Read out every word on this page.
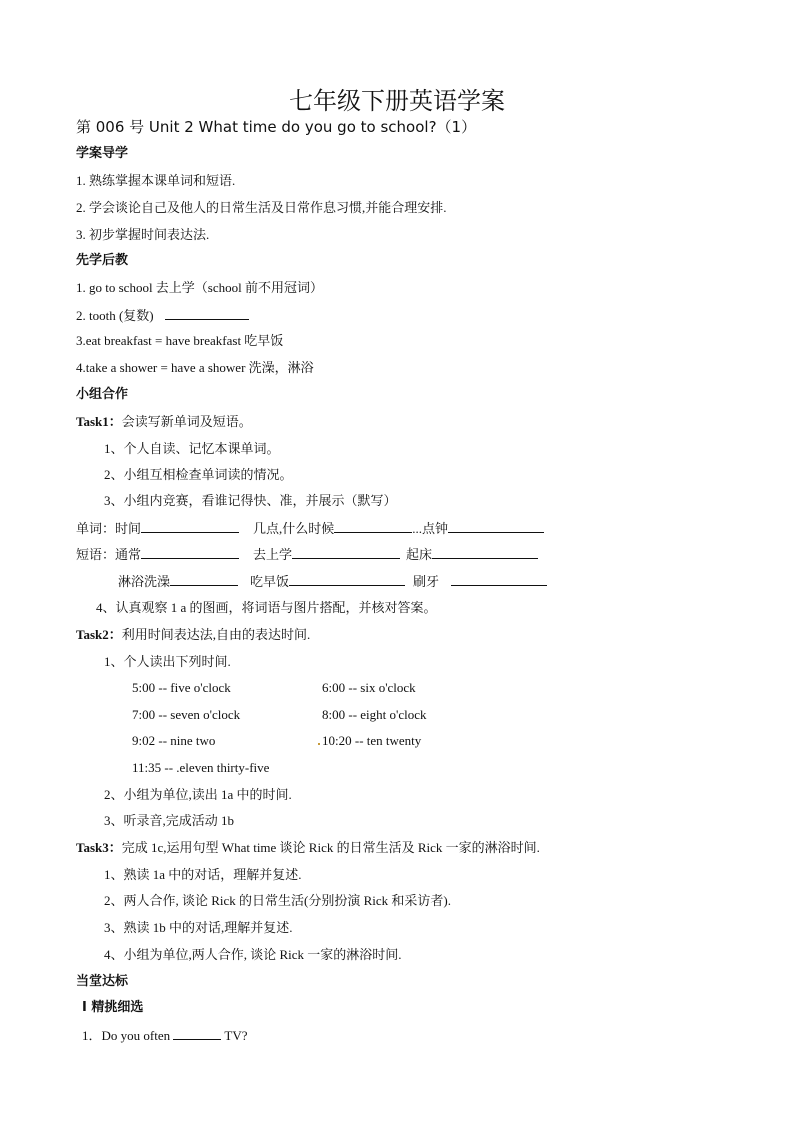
七年级下册英语学案
第 006 号 Unit 2 What time do you go to school?（1）
学案导学
1. 熟练掌握本课单词和短语.
2. 学会谈论自己及他人的日常生活及日常作息习惯,并能合理安排.
3. 初步掌握时间表达法.
先学后教
1. go to school 去上学（school 前不用冠词）
2. tooth (复数)
3.eat breakfast = have breakfast 吃早饭
4.take a shower = have a shower 洗澡，淋浴
小组合作
Task1：会读写新单词及短语。
1、个人自读、记忆本课单词。
2、小组互相检查单词读的情况。
3、小组内竞赛，看谁记得快、准，并展示（默写）
单词：时间	几点,什么时候	...点钟
短语：通常	去上学	起床
淋浴洗澡	吃早饭	刷牙
4、认真观察 1 a 的图画，将词语与图片搭配，并核对答案。
Task2：利用时间表达法,自由的表达时间.
1、个人读出下列时间.
5:00 -- five o'clock	6:00 -- six o'clock
7:00 -- seven o'clock	8:00 -- eight o'clock
9:02 -- nine two	10:20 -- ten twenty
11:35 -- .eleven thirty-five
2、小组为单位,读出 1a 中的时间.
3、听录音,完成活动 1b
Task3：完成 1c,运用句型 What time 谈论 Rick 的日常生活及 Rick 一家的淋浴时间.
1、熟读 1a 中的对话，理解并复述.
2、两人合作, 谈论 Rick 的日常生活(分别扮演 Rick 和采访者).
3、熟读 1b 中的对话,理解并复述.
4、小组为单位,两人合作, 谈论 Rick 一家的淋浴时间.
当堂达标
I 精挑细选
1．Do you often	TV?
